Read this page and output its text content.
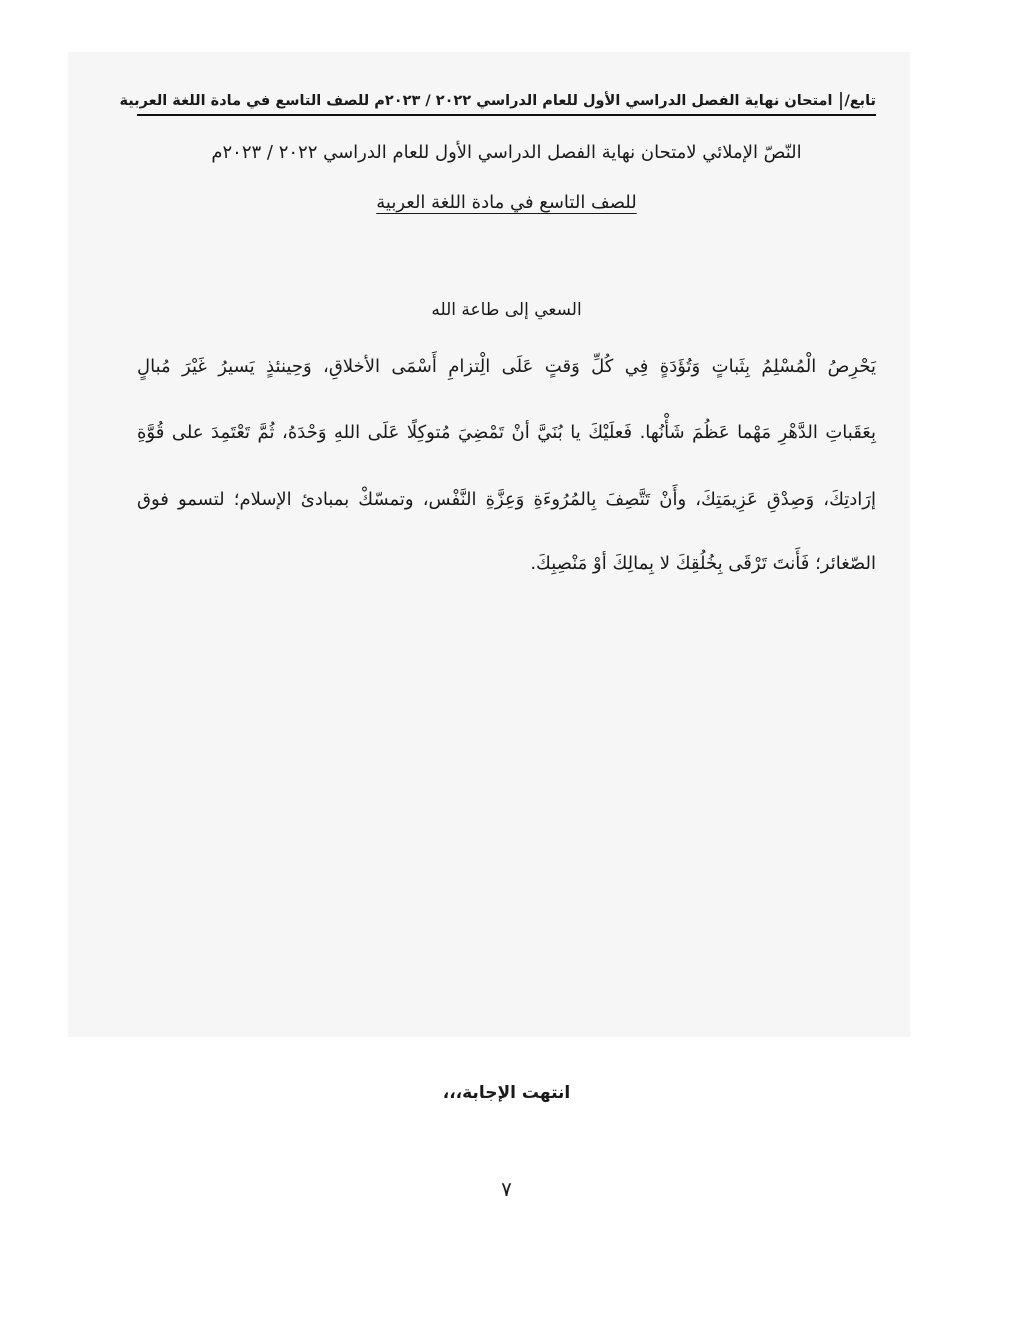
تابع/
امتحان نهاية الفصل الدراسي الأول للعام الدراسي ٢٠٢٢ / ٢٠٢٣م للصف التاسع في مادة اللغة العربية
النّصّ الإملائي لامتحان نهاية الفصل الدراسي الأول للعام الدراسي ٢٠٢٢ / ٢٠٢٣م
للصف التاسع في مادة اللغة العربية
السعي إلى طاعة الله
يَحْرِصُ الْمُسْلِمُ بِثَباتٍ وَتُؤَدَةٍ فِي كُلِّ وَقتٍ عَلَى الِْتزامِ أَسْمَى الأخلاقِ، وَحِينئذٍ يَسيرُ غَيْرَ مُبالٍ
بِعَقَباتِ الدَّهْرِ مَهْما عَظُمَ شَأْنُها. فَعلَيْكَ يا بُنَيَّ أنْ تَمْضِيَ مُتوكِلًا عَلَى اللهِ وَحْدَهُ، ثُمَّ تَعْتَمِدَ على قُوَّةِ
إرَادتِكَ، وَصِدْقِ عَزِيمَتِكَ، وأَنْ تَتَّصِفَ بِالمُرُوءَةِ وَعِزَّةِ النَّفْس، وتمسّكْ بمبادئ الإسلام؛ لتسمو فوق
الصّغائر؛ فَأَنتَ تَرْقَى بِخُلُقِكَ لا بِمالِكَ أوْ مَنْصِبِكَ.
انتهت الإجابة،،،
٧
